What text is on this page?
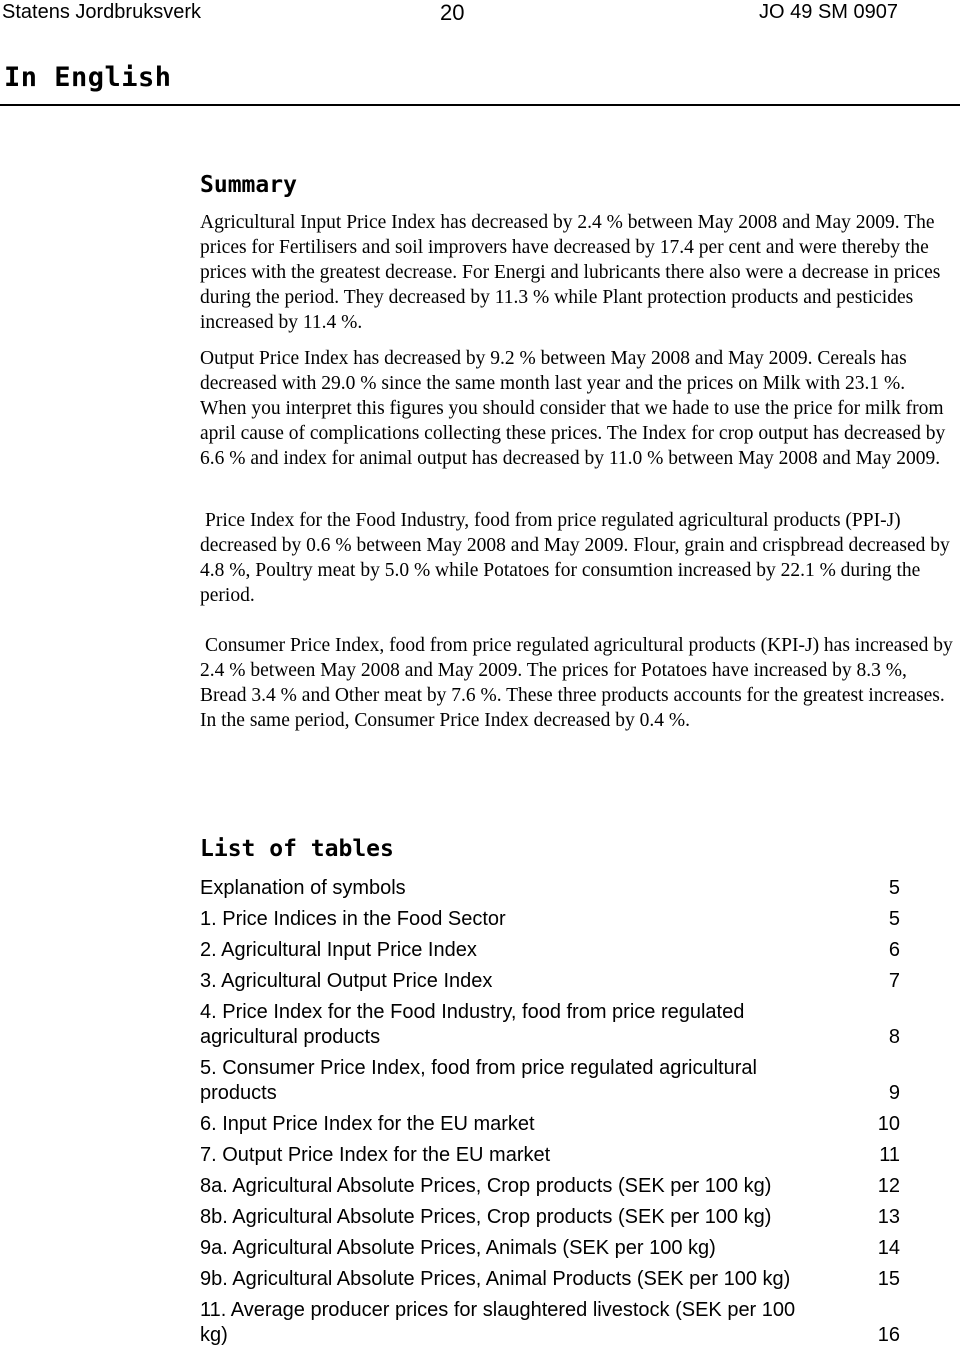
Statens Jordbruksverk	20	JO 49 SM 0907
In English
Summary

Agricultural Input Price Index has decreased by 2.4 % between May 2008 and May 2009. The prices for Fertilisers and soil improvers have decreased by 17.4 per cent and were thereby the prices with the greatest decrease. For Energi and lubricants there also were a decrease in prices during the period. They decreased by 11.3 % while Plant protection products and pesticides increased by 11.4 %.

Output Price Index has decreased by 9.2 % between May 2008 and May 2009. Cereals has decreased with 29.0 % since the same month last year and the prices on Milk with 23.1 %. When you interpret this figures you should consider that we hade to use the price for milk from april cause of complications collecting these prices. The Index for crop output has decreased by 6.6 % and index for animal output has decreased by 11.0 % between May 2008 and May 2009.

Price Index for the Food Industry, food from price regulated agricultural products (PPI-J) decreased by 0.6 % between May 2008 and May 2009. Flour, grain and crispbread decreased by 4.8 %, Poultry meat by 5.0 % while Potatoes for consumtion increased by 22.1 % during the period.

Consumer Price Index, food from price regulated agricultural products (KPI-J) has increased by 2.4 % between May 2008 and May 2009. The prices for Potatoes have increased by 8.3 %, Bread 3.4 % and Other meat by 7.6 %. These three products accounts for the greatest increases. In the same period, Consumer Price Index decreased by 0.4 %.

List of tables
Explanation of symbols	5
1. Price Indices in the Food Sector	5
2. Agricultural Input Price Index	6
3. Agricultural Output Price Index	7
4. Price Index for the Food Industry, food from price regulated agricultural products	8
5. Consumer Price Index, food from price regulated agricultural products	9
6. Input Price Index for the EU market	10
7. Output Price Index for the EU market	11
8a. Agricultural Absolute Prices, Crop products (SEK per 100 kg)	12
8b. Agricultural Absolute Prices, Crop products (SEK per 100 kg)	13
9a. Agricultural Absolute Prices, Animals (SEK per 100 kg)	14
9b. Agricultural Absolute Prices, Animal Products (SEK per 100 kg)	15
11. Average producer prices for slaughtered livestock (SEK per 100 kg)	16
